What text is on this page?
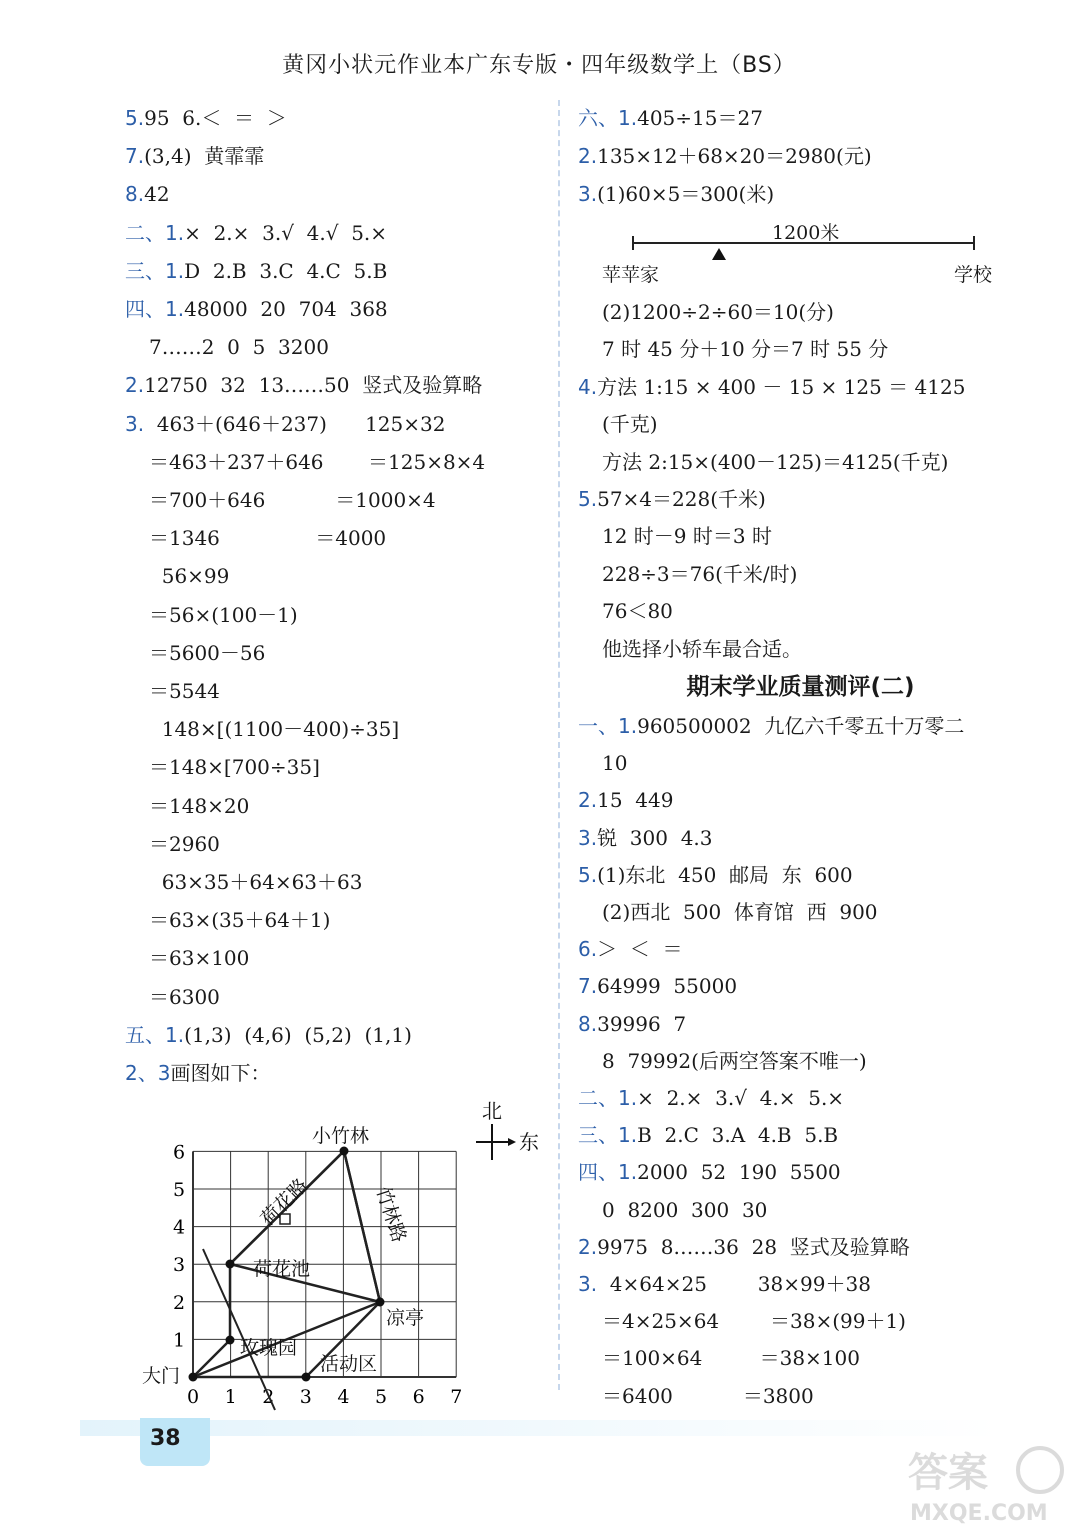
黄冈小状元作业本广东专版・四年级数学上（BS）
5.95  6.＜  ＝  ＞
7.(3,4)  黄霏霏
8.42
二、1.×  2.×  3.√  4.√  5.×
三、1.D  2.B  3.C  4.C  5.B
四、1.48000  20  704  368
7……2  0  5  3200
2.12750  32  13……50  竖式及验算略
3.  463＋(646＋237)      125×32
＝463＋237＋646       ＝125×8×4
＝700＋646           ＝1000×4
＝1346               ＝4000
56×99
＝56×(100－1)
＝5600－56
＝5544
148×[(1100－400)÷35]
＝148×[700÷35]
＝148×20
＝2960
63×35＋64×63＋63
＝63×(35＋64＋1)
＝63×100
＝6300
五、1.(1,3)  (4,6)  (5,2)  (1,1)
2、3画图如下：
六、1.405÷15＝27
2.135×12＋68×20＝2980(元)
3.(1)60×5＝300(米)
1200米
苹苹家	学校
(2)1200÷2÷60＝10(分)
7 时 45 分＋10 分＝7 时 55 分
4.方法 1:15 × 400 － 15 × 125 ＝ 4125
(千克)
方法 2:15×(400－125)＝4125(千克)
5.57×4＝228(千米)
12 时－9 时＝3 时
228÷3＝76(千米/时)
76＜80
他选择小轿车最合适。
期末学业质量测评(二)
一、1.960500002  九亿六千零五十万零二
10
2.15  449
3.锐  300  4.3
5.(1)东北  450  邮局  东  600
(2)西北  500  体育馆  西  900
6.＞  ＜  ＝
7.64999  55000
8.39996  7
8  79992(后两空答案不唯一)
二、1.×  2.×  3.√  4.×  5.×
三、1.B  2.C  3.A  4.B  5.B
四、1.2000  52  190  5500
0  8200  300  30
2.9975  8……36  28  竖式及验算略
3.  4×64×25        38×99＋38
＝4×25×64        ＝38×(99＋1)
＝100×64         ＝38×100
＝6400           ＝3800
0 1 2 3 4 5 6 7
1
2
3
4
5
6
小竹林
荷花路	竹林路
荷花池
凉亭
玫瑰园
活动区
大门
北
东
38
答案
MXQE.COM
